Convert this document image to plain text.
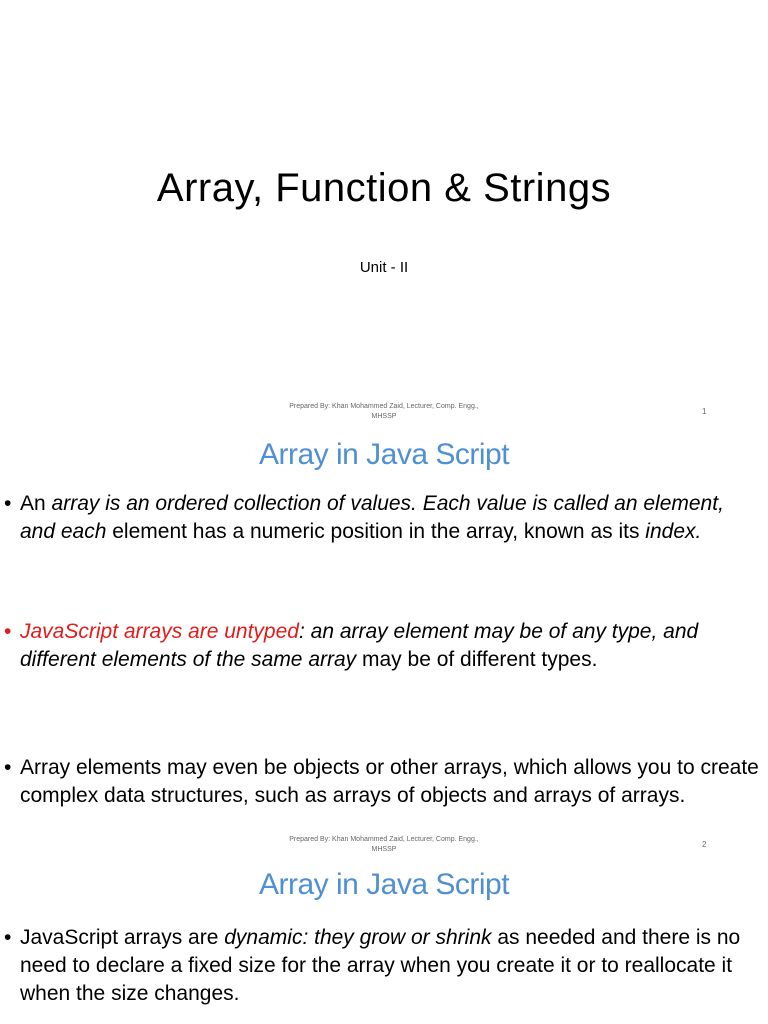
Array, Function & Strings
Unit - II
Prepared By: Khan Mohammed Zaid, Lecturer, Comp. Engg.,
MHSSP
1
Array in Java Script
• An array is an ordered collection of values. Each value is called an element, and each element has a numeric position in the array, known as its index.
• JavaScript arrays are untyped: an array element may be of any type, and different elements of the same array may be of different types.
• Array elements may even be objects or other arrays, which allows you to create complex data structures, such as arrays of objects and arrays of arrays.
Prepared By: Khan Mohammed Zaid, Lecturer, Comp. Engg.,
MHSSP
2
Array in Java Script
• JavaScript arrays are dynamic: they grow or shrink as needed and there is no need to declare a fixed size for the array when you create it or to reallocate it when the size changes.
